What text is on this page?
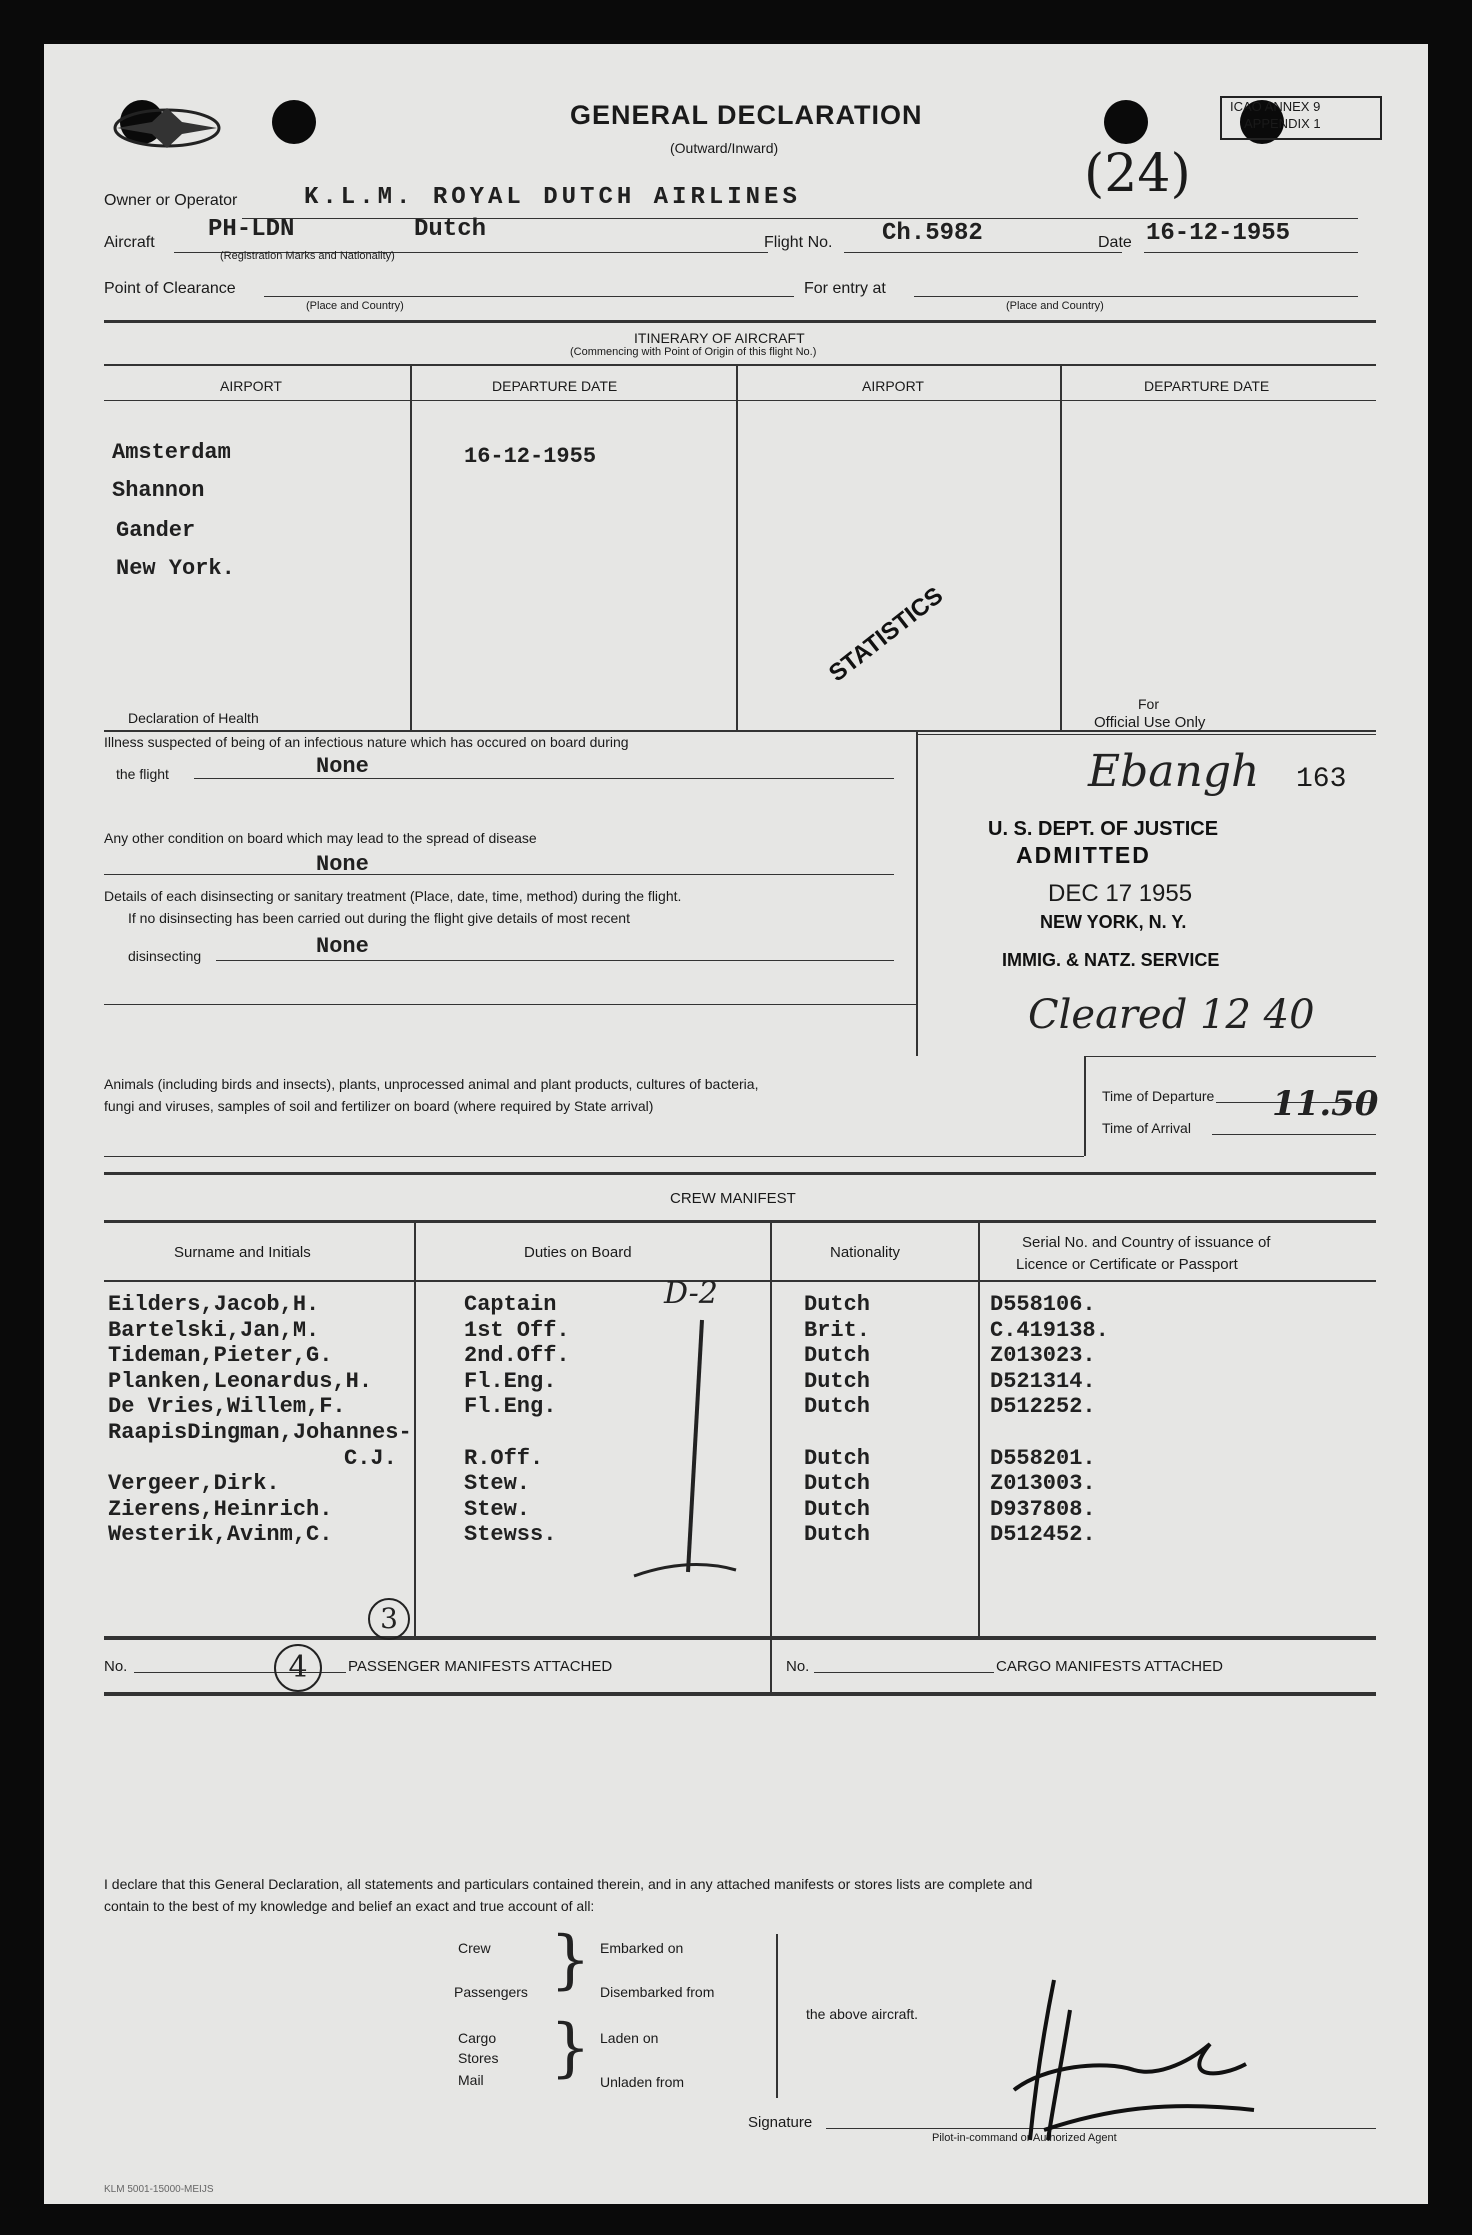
GENERAL DECLARATION
(Outward/Inward)	(24)
ICAO ANNEX 9
APPENDIX 1
Owner or Operator	K.L.M. ROYAL DUTCH AIRLINES
Aircraft PH-LDN	Dutch
(Registration Marks and Nationality)
Flight No. Ch.5982	Date 16-12-1955
Point of Clearance
(Place and Country)
For entry at
(Place and Country)
ITINERARY OF AIRCRAFT
(Commencing with Point of Origin of this flight No.)
AIRPORT	DEPARTURE DATE	AIRPORT	DEPARTURE DATE
Amsterdam
Shannon
Gander
New York.
16-12-1955
STATISTICS
Declaration of Health
Illness suspected of being of an infectious nature which has occured on board during
the flight	None
Any other condition on board which may lead to the spread of disease
None
Details of each disinsecting or sanitary treatment (Place, date, time, method) during the flight.
If no disinsecting has been carried out during the flight give details of most recent
disinsecting	None
For
Official Use Only
Ebangh 163
U. S. DEPT. OF JUSTICE
ADMITTED
DEC 17 1955
NEW YORK, N. Y.
IMMIG. & NATZ. SERVICE
Cleared 12 40
Animals (including birds and insects), plants, unprocessed animal and plant products, cultures of bacteria,
fungi and viruses, samples of soil and fertilizer on board (where required by State arrival)
Time of Departure
Time of Arrival
11.50
CREW MANIFEST
Surname and Initials	Duties on Board	Nationality
Serial No. and Country of issuance of
Licence or Certificate or Passport
Eilders,Jacob,H.	Captain	Dutch	D558106.
Bartelski,Jan,M.	1st Off.	Brit.	C.419138.
Tideman,Pieter,G.	2nd.Off.	Dutch	Z013023.
Planken,Leonardus,H.	Fl.Eng.	Dutch	D521314.
De Vries,Willem,F.	Fl.Eng.	Dutch	D512252.
RaapisDingman,Johannes-
C.J.	R.Off.	Dutch	D558201.
Vergeer,Dirk.	Stew.	Dutch	Z013003.
Zierens,Heinrich.	Stew.	Dutch	D937808.
Westerik,Avinm,C.	Stewss.	Dutch	D512452.
D-2
No.	4
3
PASSENGER MANIFESTS ATTACHED	No.	CARGO MANIFESTS ATTACHED
I declare that this General Declaration, all statements and particulars contained therein, and in any attached manifests or stores lists are complete and
contain to the best of my knowledge and belief an exact and true account of all:
Crew
Passengers
Cargo
Stores
Mail
}
}
Embarked on
Disembarked from
Laden on
Unladen from
the above aircraft.
Signature
Pilot-in-command or Authorized Agent
KLM 5001-15000-MEIJS
